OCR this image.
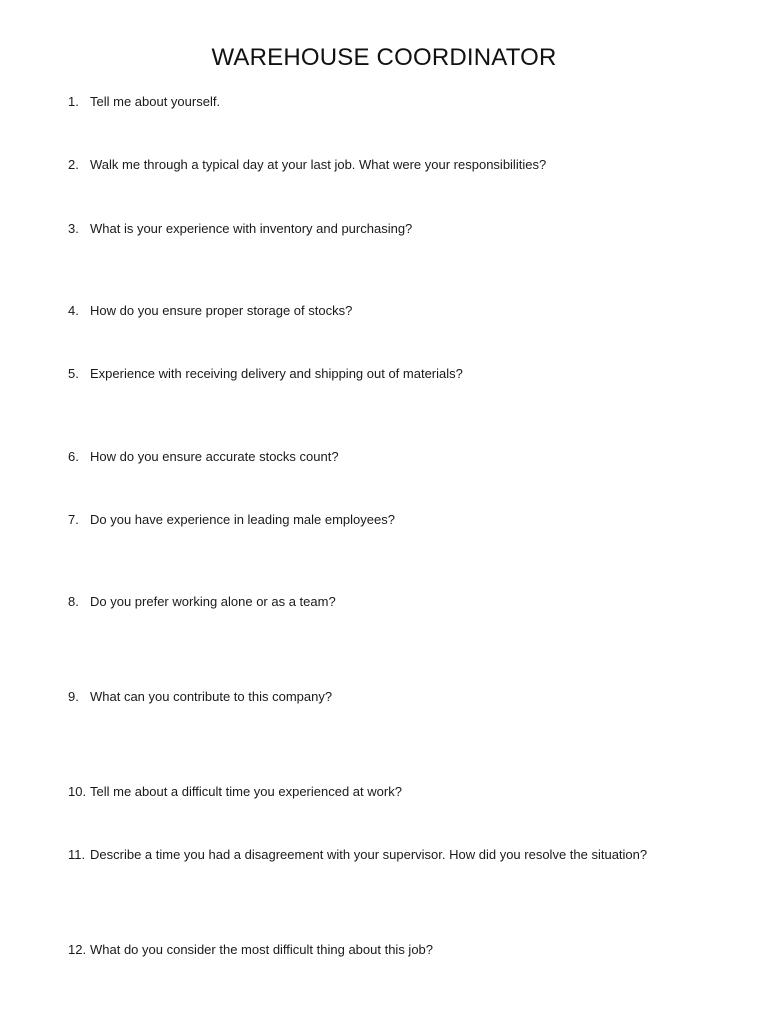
WAREHOUSE COORDINATOR
1. Tell me about yourself.
2. Walk me through a typical day at your last job. What were your responsibilities?
3. What is your experience with inventory and purchasing?
4. How do you ensure proper storage of stocks?
5. Experience with receiving delivery and shipping out of materials?
6. How do you ensure accurate stocks count?
7. Do you have experience in leading male employees?
8. Do you prefer working alone or as a team?
9. What can you contribute to this company?
10. Tell me about a difficult time you experienced at work?
11. Describe a time you had a disagreement with your supervisor. How did you resolve the situation?
12. What do you consider the most difficult thing about this job?
